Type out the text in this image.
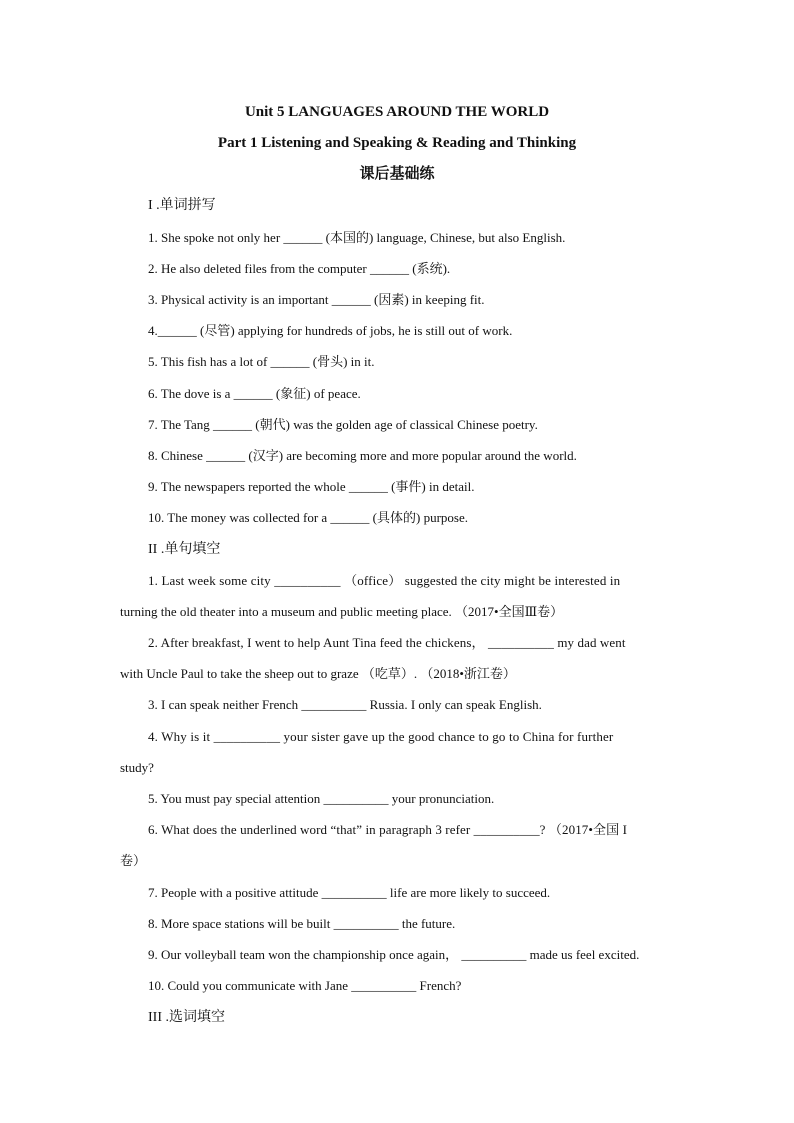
Unit 5 LANGUAGES AROUND THE WORLD
Part 1 Listening and Speaking & Reading and Thinking
课后基础练
I .单词拼写
1. She spoke not only her ______ (本国的) language, Chinese, but also English.
2. He also deleted files from the computer ______ (系统).
3. Physical activity is an important ______ (因素) in keeping fit.
4.______ (尽管) applying for hundreds of jobs, he is still out of work.
5. This fish has a lot of ______ (骨头) in it.
6. The dove is a ______ (象征) of peace.
7. The Tang ______ (朝代) was the golden age of classical Chinese poetry.
8. Chinese ______ (汉字) are becoming more and more popular around the world.
9. The newspapers reported the whole ______ (事件) in detail.
10. The money was collected for a ______ (具体的) purpose.
II .单句填空
1. Last week some city __________ （office） suggested the city might be interested in
turning the old theater into a museum and public meeting place. （2017•全国Ⅲ卷）
2. After breakfast, I went to help Aunt Tina feed the chickens， __________ my dad went
with Uncle Paul to take the sheep out to graze （吃草）. （2018•浙江卷）
3. I can speak neither French __________ Russia. I only can speak English.
4. Why is it __________ your sister gave up the good chance to go to China for further
study?
5. You must pay special attention __________ your pronunciation.
6. What does the underlined word “that” in paragraph 3 refer __________? （2017•全国 I
卷）
7. People with a positive attitude __________ life are more likely to succeed.
8. More space stations will be built __________ the future.
9. Our volleyball team won the championship once again， __________ made us feel excited.
10. Could you communicate with Jane __________ French?
III .选词填空
